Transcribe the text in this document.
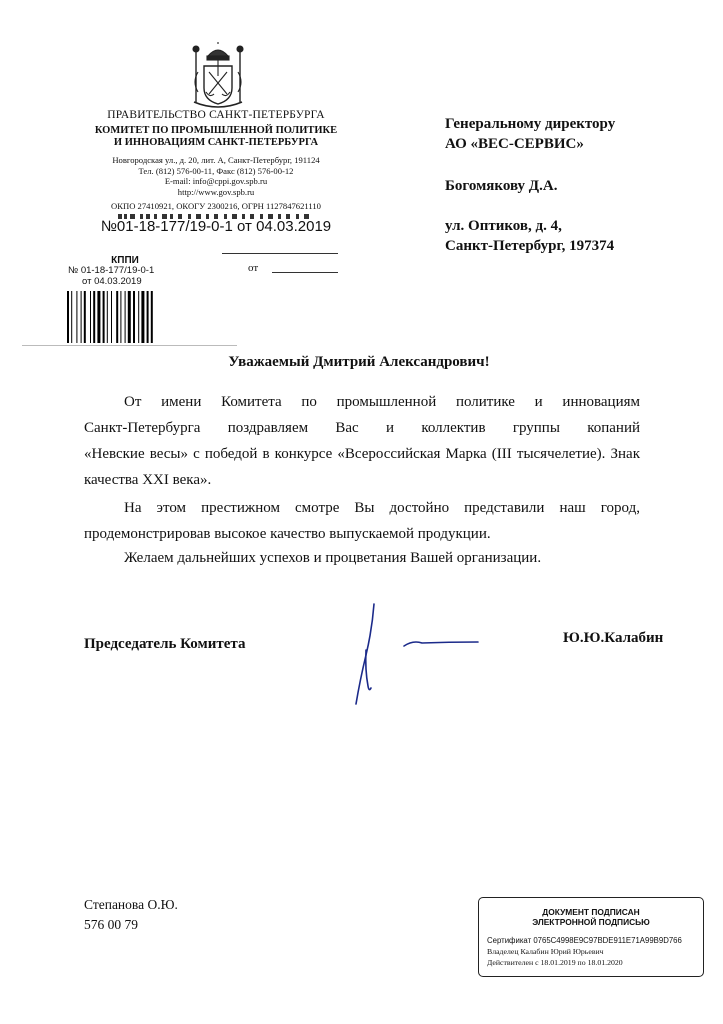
ПРАВИТЕЛЬСТВО САНКТ-ПЕТЕРБУРГА
КОМИТЕТ ПО ПРОМЫШЛЕННОЙ ПОЛИТИКЕ
И ИННОВАЦИЯМ САНКТ-ПЕТЕРБУРГА
Новгородская ул., д. 20, лит. А, Санкт-Петербург, 191124
Тел. (812) 576-00-11, Факс (812) 576-00-12
E-mail: info@cppi.gov.spb.ru
http://www.gov.spb.ru
ОКПО 27410921, ОКОГУ 2300216, ОГРН 1127847621110
№01-18-177/19-0-1 от 04.03.2019
от
КППИ
№ 01-18-177/19-0-1
от 04.03.2019
Генеральному директору
АО «ВЕС-СЕРВИС»
Богомякову Д.А.
ул. Оптиков, д. 4,
Санкт-Петербург, 197374
Уважаемый Дмитрий Александрович!
От имени Комитета по промышленной политике и инновациям
Санкт-Петербурга поздравляем Вас и коллектив группы копаний
«Невские весы» с победой в конкурсе «Всероссийская Марка (III тысячелетие). Знак
качества XXI века».
На этом престижном смотре Вы достойно представили наш город,
продемонстрировав высокое качество выпускаемой продукции.
Желаем дальнейших успехов и процветания Вашей организации.
Председатель Комитета	Ю.Ю.Калабин
Степанова О.Ю.
576 00 79
ДОКУМЕНТ ПОДПИСАН
ЭЛЕКТРОННОЙ ПОДПИСЬЮ
Сертификат 0765C4998E9C97BDE911E71A99B9D766
Владелец Калабин Юрий Юрьевич
Действителен с 18.01.2019 по 18.01.2020
